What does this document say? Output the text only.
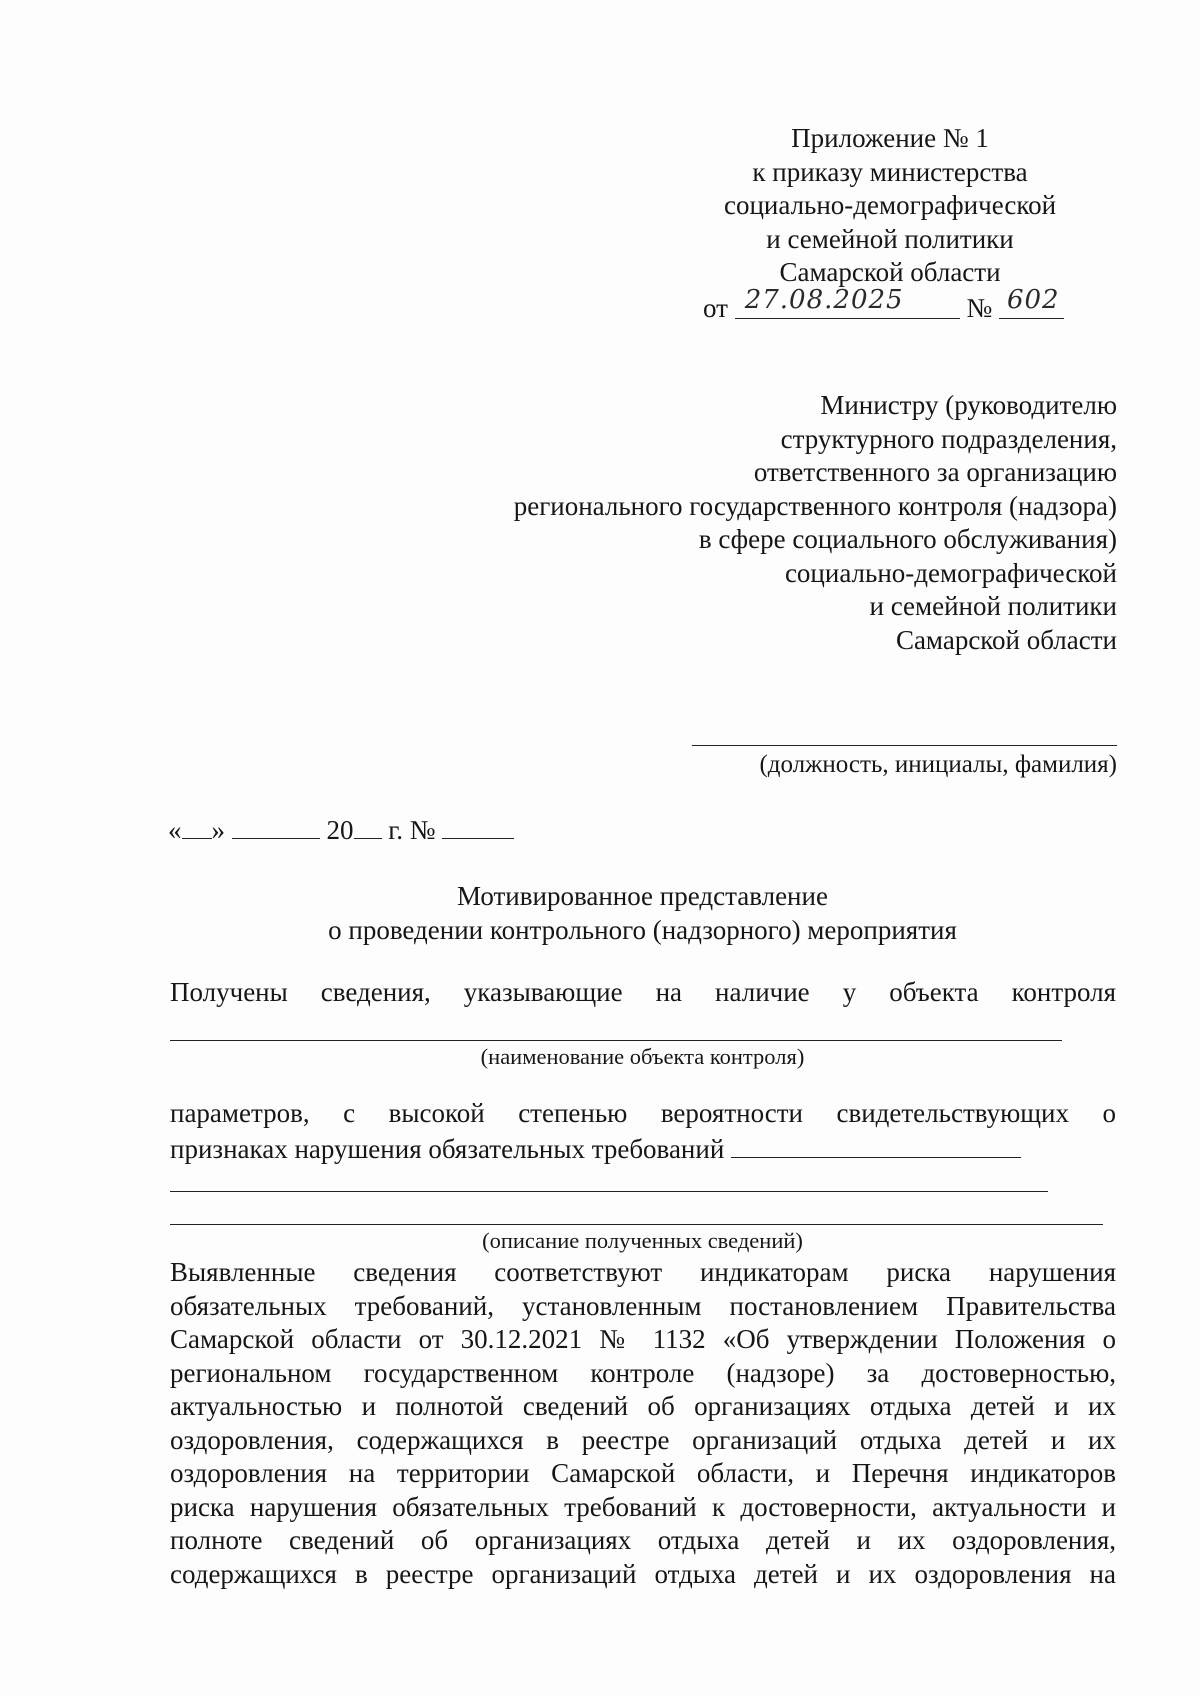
Приложение № 1
к приказу министерства
социально-демографической
и семейной политики
Самарской области
от 27.08.2025 № 602
Министру (руководителю
структурного подразделения,
ответственного за организацию
регионального государственного контроля (надзора)
в сфере социального обслуживания)
социально-демографической
и семейной политики
Самарской области
(должность, инициалы, фамилия)
« »	20 г. №
Мотивированное представление
о проведении контрольного (надзорного) мероприятия
Получены сведения, указывающие на наличие у объекта контроля
(наименование объекта контроля)
параметров, с высокой степенью вероятности свидетельствующих о
признаках нарушения обязательных требований
(описание полученных сведений)
Выявленные сведения соответствуют индикаторам риска нарушения
обязательных требований, установленным постановлением Правительства
Самарской области от 30.12.2021 № 1132 «Об утверждении Положения о
региональном государственном контроле (надзоре) за достоверностью,
актуальностью и полнотой сведений об организациях отдыха детей и их
оздоровления, содержащихся в реестре организаций отдыха детей и их
оздоровления на территории Самарской области, и Перечня индикаторов
риска нарушения обязательных требований к достоверности, актуальности и
полноте сведений об организациях отдыха детей и их оздоровления,
содержащихся в реестре организаций отдыха детей и их оздоровления на
